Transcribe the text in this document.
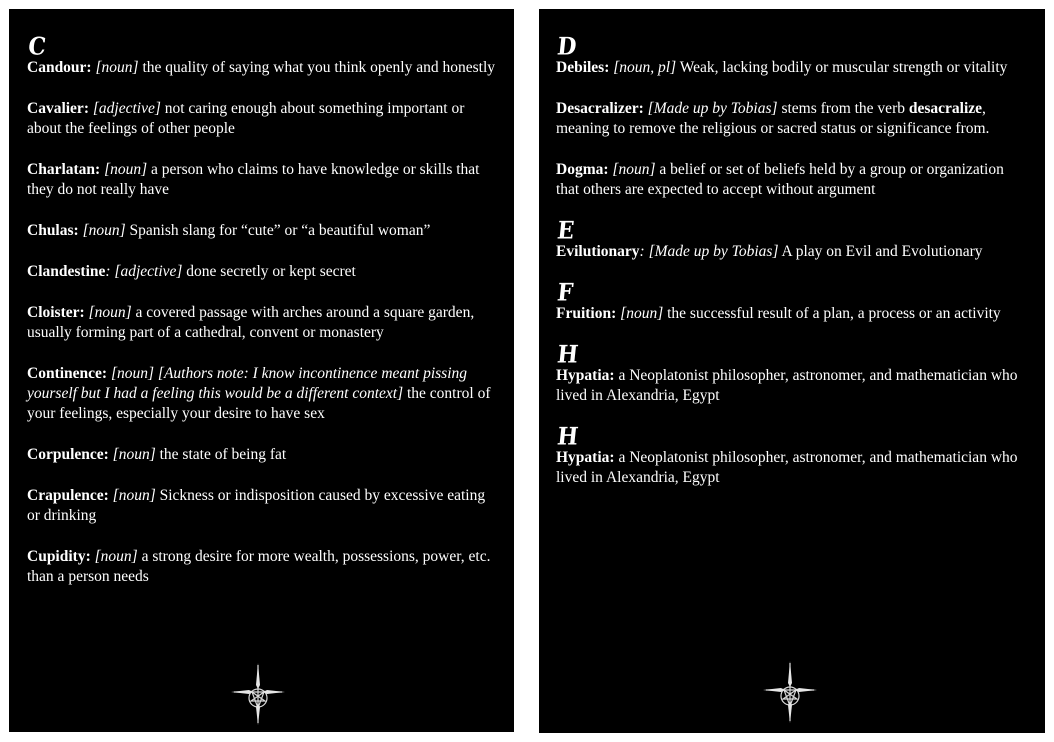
C

Candour: [noun] the quality of saying what you think openly and honestly

Cavalier: [adjective] not caring enough about something important or about the feelings of other people

Charlatan: [noun] a person who claims to have knowledge or skills that they do not really have

Chulas: [noun] Spanish slang for “cute” or “a beautiful woman”

Clandestine: [adjective] done secretly or kept secret

Cloister: [noun] a covered passage with arches around a square garden, usually forming part of a cathedral, convent or monastery

Continence: [noun] [Authors note: I know incontinence meant pissing yourself but I had a feeling this would be a different context] the control of your feelings, especially your desire to have sex

Corpulence: [noun] the state of being fat

Crapulence: [noun] Sickness or indisposition caused by excessive eating or drinking

Cupidity: [noun] a strong desire for more wealth, possessions, power, etc. than a person needs

D

Debiles: [noun, pl] Weak, lacking bodily or muscular strength or vitality

Desacralizer: [Made up by Tobias] stems from the verb desacralize, meaning to remove the religious or sacred status or significance from.

Dogma: [noun] a belief or set of beliefs held by a group or organization that others are expected to accept without argument

E

Evilutionary: [Made up by Tobias] A play on Evil and Evolutionary

F

Fruition: [noun] the successful result of a plan, a process or an activity

H

Hypatia: a Neoplatonist philosopher, astronomer, and mathematician who lived in Alexandria, Egypt

H

Hypatia: a Neoplatonist philosopher, astronomer, and mathematician who lived in Alexandria, Egypt
